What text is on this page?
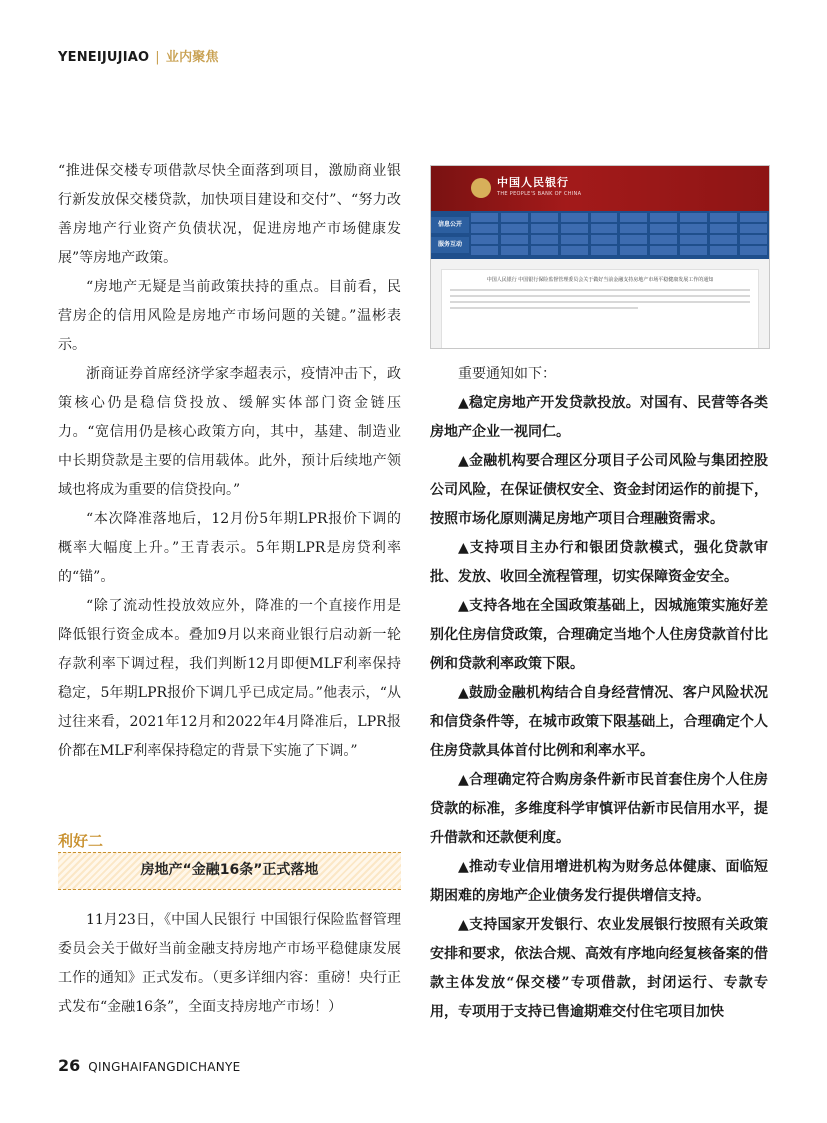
YENEIJUJIAO | 业内聚焦

“推进保交楼专项借款尽快全面落到项目，激励商业银行新发放保交楼贷款，加快项目建设和交付”、“努力改善房地产行业资产负债状况，促进房地产市场健康发展”等房地产政策。

“房地产无疑是当前政策扶持的重点。目前看，民营房企的信用风险是房地产市场问题的关键。”温彬表示。

浙商证券首席经济学家李超表示，疫情冲击下，政策核心仍是稳信贷投放、缓解实体部门资金链压力。“宽信用仍是核心政策方向，其中，基建、制造业中长期贷款是主要的信用载体。此外，预计后续地产领域也将成为重要的信贷投向。”

“本次降准落地后，12月份5年期LPR报价下调的概率大幅度上升。”王青表示。5年期LPR是房贷利率的“锚”。

“除了流动性投放效应外，降准的一个直接作用是降低银行资金成本。叠加9月以来商业银行启动新一轮存款利率下调过程，我们判断12月即便MLF利率保持稳定，5年期LPR报价下调几乎已成定局。”他表示，“从过往来看，2021年12月和2022年4月降准后，LPR报价都在MLF利率保持稳定的背景下实施了下调。”

利好二
房地产“金融16条”正式落地

11月23日，《中国人民银行 中国银行保险监督管理委员会关于做好当前金融支持房地产市场平稳健康发展工作的通知》正式发布。（更多详细内容：重磅！央行正式发布“金融16条”，全面支持房地产市场！）

中国人民银行
THE PEOPLE'S BANK OF CHINA
信息公开
服务互动
中国人民银行 中国银行保险监督管理委员会关于做好当前金融支持房地产市场平稳健康发展工作的通知

重要通知如下：

▲稳定房地产开发贷款投放。对国有、民营等各类房地产企业一视同仁。

▲金融机构要合理区分项目子公司风险与集团控股公司风险，在保证债权安全、资金封闭运作的前提下，按照市场化原则满足房地产项目合理融资需求。

▲支持项目主办行和银团贷款模式，强化贷款审批、发放、收回全流程管理，切实保障资金安全。

▲支持各地在全国政策基础上，因城施策实施好差别化住房信贷政策，合理确定当地个人住房贷款首付比例和贷款利率政策下限。

▲鼓励金融机构结合自身经营情况、客户风险状况和信贷条件等，在城市政策下限基础上，合理确定个人住房贷款具体首付比例和利率水平。

▲合理确定符合购房条件新市民首套住房个人住房贷款的标准，多维度科学审慎评估新市民信用水平，提升借款和还款便利度。

▲推动专业信用增进机构为财务总体健康、面临短期困难的房地产企业债务发行提供增信支持。

▲支持国家开发银行、农业发展银行按照有关政策安排和要求，依法合规、高效有序地向经复核备案的借款主体发放“保交楼”专项借款，封闭运行、专款专用，专项用于支持已售逾期难交付住宅项目加快

26 QINGHAIFANGDICHANYE
